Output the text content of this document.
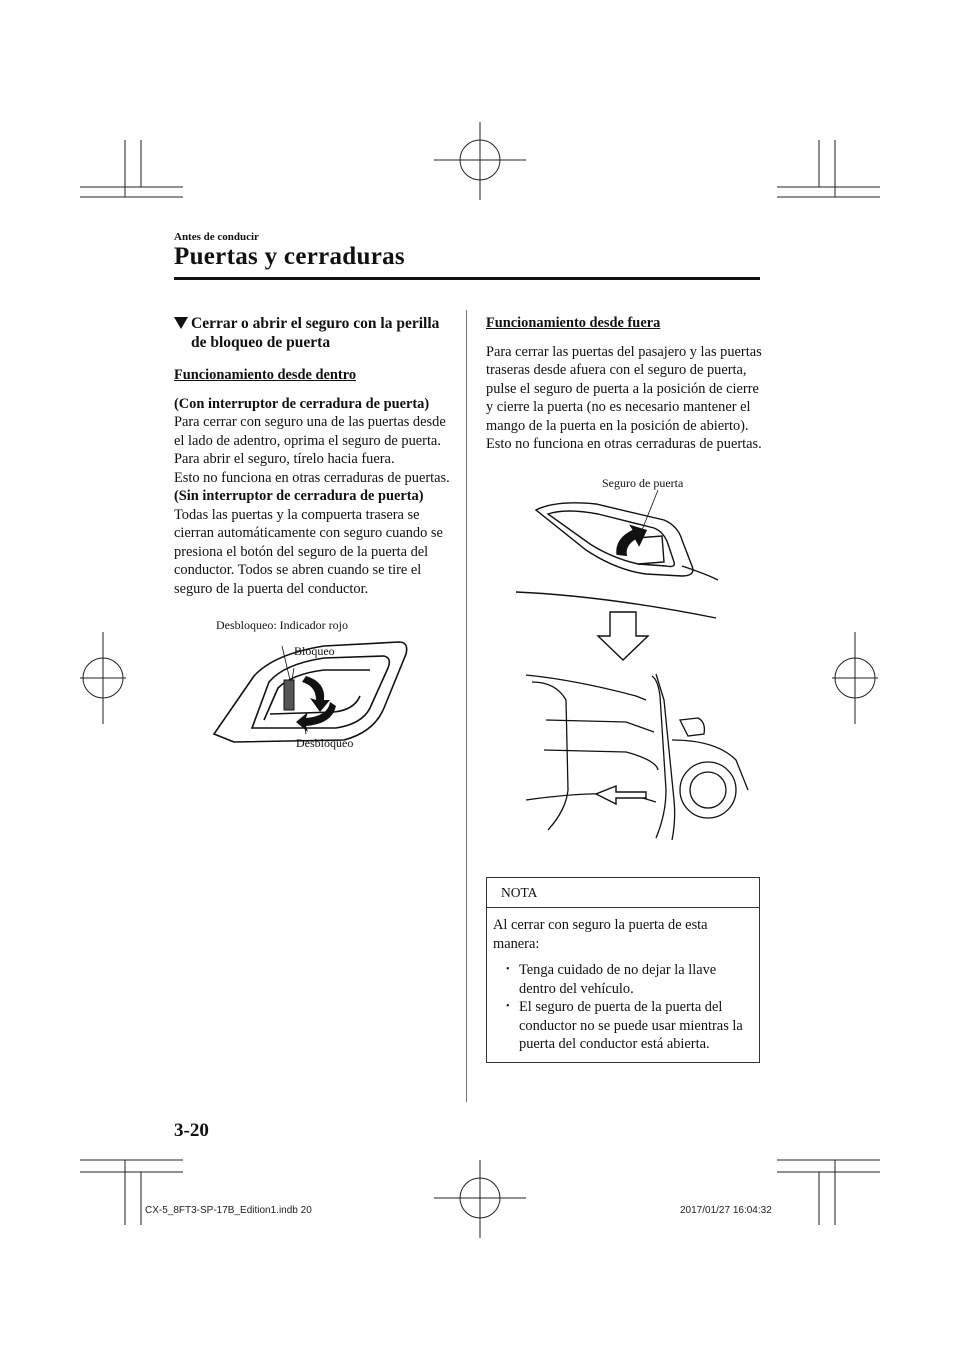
Antes de conducir
Puertas y cerraduras
Cerrar o abrir el seguro con la perilla de bloqueo de puerta

Funcionamiento desde dentro

(Con interruptor de cerradura de puerta)

Para cerrar con seguro una de las puertas desde el lado de adentro, oprima el seguro de puerta.

Para abrir el seguro, tírelo hacia fuera.

Esto no funciona en otras cerraduras de puertas.

(Sin interruptor de cerradura de puerta)

Todas las puertas y la compuerta trasera se cierran automáticamente con seguro cuando se presiona el botón del seguro de la puerta del conductor. Todos se abren cuando se tire el seguro de la puerta del conductor.

Desbloqueo: Indicador rojo
Bloqueo
Desbloqueo

Funcionamiento desde fuera

Para cerrar las puertas del pasajero y las puertas traseras desde afuera con el seguro de puerta, pulse el seguro de puerta a la posición de cierre y cierre la puerta (no es necesario mantener el mango de la puerta en la posición de abierto).

Esto no funciona en otras cerraduras de puertas.

Seguro de puerta
NOTA
Al cerrar con seguro la puerta de esta manera:
• Tenga cuidado de no dejar la llave dentro del vehículo.
• El seguro de puerta de la puerta del conductor no se puede usar mientras la puerta del conductor está abierta.
3-20
CX-5_8FT3-SP-17B_Edition1.indb 20	2017/01/27 16:04:32
